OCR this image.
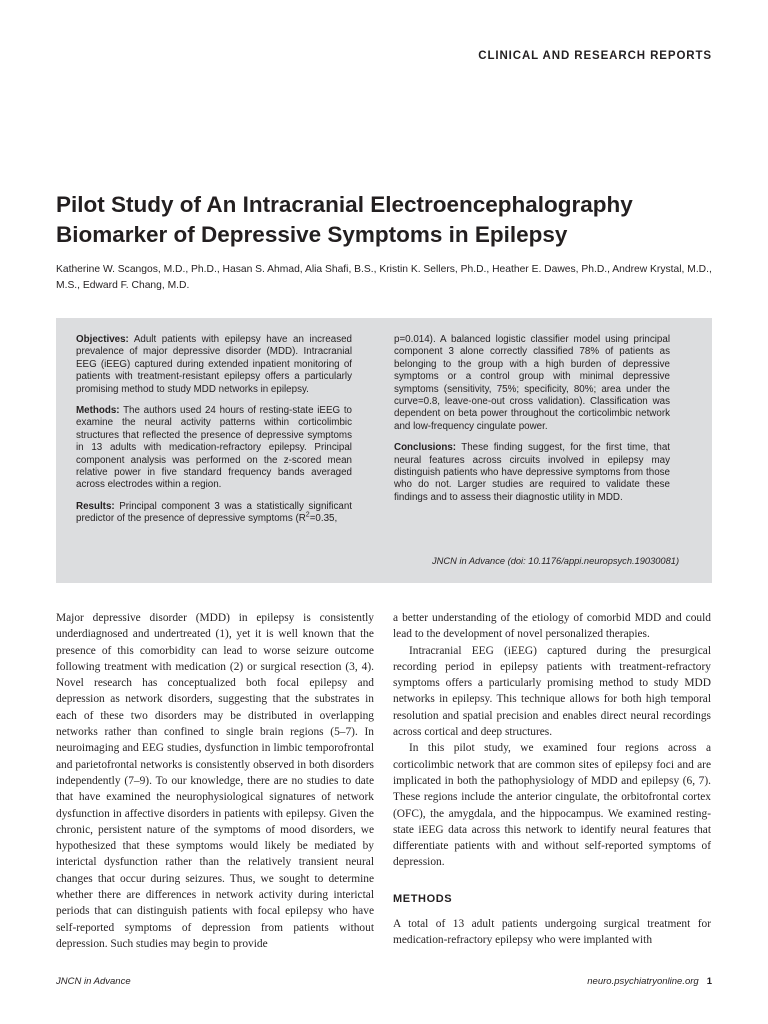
CLINICAL AND RESEARCH REPORTS
Pilot Study of An Intracranial Electroencephalography Biomarker of Depressive Symptoms in Epilepsy
Katherine W. Scangos, M.D., Ph.D., Hasan S. Ahmad, Alia Shafi, B.S., Kristin K. Sellers, Ph.D., Heather E. Dawes, Ph.D., Andrew Krystal, M.D., M.S., Edward F. Chang, M.D.

Objectives: Adult patients with epilepsy have an increased prevalence of major depressive disorder (MDD). Intracranial EEG (iEEG) captured during extended inpatient monitoring of patients with treatment-resistant epilepsy offers a particularly promising method to study MDD networks in epilepsy.

Methods: The authors used 24 hours of resting-state iEEG to examine the neural activity patterns within corticolimbic structures that reflected the presence of depressive symptoms in 13 adults with medication-refractory epilepsy. Principal component analysis was performed on the z-scored mean relative power in five standard frequency bands averaged across electrodes within a region.

Results: Principal component 3 was a statistically significant predictor of the presence of depressive symptoms ($R^2=0.35$,

p=0.014). A balanced logistic classifier model using principal component 3 alone correctly classified 78% of patients as belonging to the group with a high burden of depressive symptoms or a control group with minimal depressive symptoms (sensitivity, 75%; specificity, 80%; area under the curve=0.8, leave-one-out cross validation). Classification was dependent on beta power throughout the corticolimbic network and low-frequency cingulate power.

Conclusions: These finding suggest, for the first time, that neural features across circuits involved in epilepsy may distinguish patients who have depressive symptoms from those who do not. Larger studies are required to validate these findings and to assess their diagnostic utility in MDD.

JNCN in Advance (doi: 10.1176/appi.neuropsych.19030081)

Major depressive disorder (MDD) in epilepsy is consistently underdiagnosed and undertreated (1), yet it is well known that the presence of this comorbidity can lead to worse seizure outcome following treatment with medication (2) or surgical resection (3, 4). Novel research has conceptualized both focal epilepsy and depression as network disorders, suggesting that the substrates in each of these two disorders may be distributed in overlapping networks rather than confined to single brain regions (5–7). In neuroimaging and EEG studies, dysfunction in limbic temporofrontal and parietofrontal networks is consistently observed in both disorders independently (7–9). To our knowledge, there are no studies to date that have examined the neurophysiological signatures of network dysfunction in affective disorders in patients with epilepsy. Given the chronic, persistent nature of the symptoms of mood disorders, we hypothesized that these symptoms would likely be mediated by interictal dysfunction rather than the relatively transient neural changes that occur during seizures. Thus, we sought to determine whether there are differences in network activity during interictal periods that can distinguish patients with focal epilepsy who have self-reported symptoms of depression from patients without depression. Such studies may begin to provide

a better understanding of the etiology of comorbid MDD and could lead to the development of novel personalized therapies.

Intracranial EEG (iEEG) captured during the presurgical recording period in epilepsy patients with treatment-refractory symptoms offers a particularly promising method to study MDD networks in epilepsy. This technique allows for both high temporal resolution and spatial precision and enables direct neural recordings across cortical and deep structures.

In this pilot study, we examined four regions across a corticolimbic network that are common sites of epilepsy foci and are implicated in both the pathophysiology of MDD and epilepsy (6, 7). These regions include the anterior cingulate, the orbitofrontal cortex (OFC), the amygdala, and the hippocampus. We examined resting-state iEEG data across this network to identify neural features that differentiate patients with and without self-reported symptoms of depression.

METHODS

A total of 13 adult patients undergoing surgical treatment for medication-refractory epilepsy who were implanted with

JNCN in Advance	neuro.psychiatryonline.org 1
